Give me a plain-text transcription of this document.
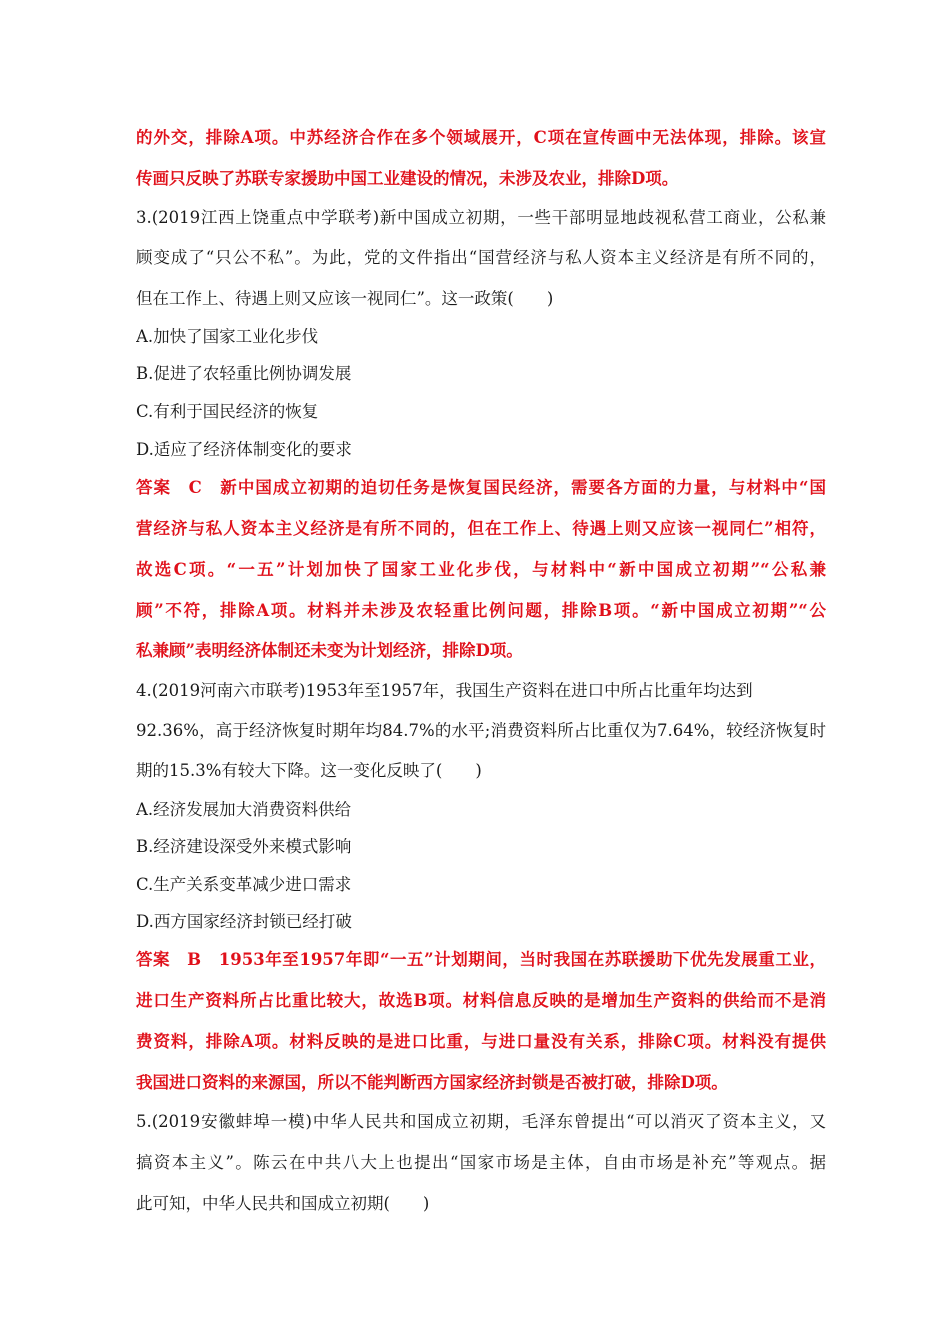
的外交，排除A项。中苏经济合作在多个领域展开，C项在宣传画中无法体现，排除。该宣
传画只反映了苏联专家援助中国工业建设的情况，未涉及农业，排除D项。
3.(2019江西上饶重点中学联考)新中国成立初期，一些干部明显地歧视私营工商业，公私兼
顾变成了“只公不私”。为此，党的文件指出“国营经济与私人资本主义经济是有所不同的，
但在工作上、待遇上则又应该一视同仁”。这一政策(　　)
A.加快了国家工业化步伐
B.促进了农轻重比例协调发展
C.有利于国民经济的恢复
D.适应了经济体制变化的要求
答案　C　新中国成立初期的迫切任务是恢复国民经济，需要各方面的力量，与材料中“国
营经济与私人资本主义经济是有所不同的，但在工作上、待遇上则又应该一视同仁”相符，
故选C项。“一五”计划加快了国家工业化步伐，与材料中“新中国成立初期”“公私兼
顾”不符，排除A项。材料并未涉及农轻重比例问题，排除B项。“新中国成立初期”“公
私兼顾”表明经济体制还未变为计划经济，排除D项。
4.(2019河南六市联考)1953年至1957年，我国生产资料在进口中所占比重年均达到
92.36%，高于经济恢复时期年均84.7%的水平;消费资料所占比重仅为7.64%，较经济恢复时
期的15.3%有较大下降。这一变化反映了(　　)
A.经济发展加大消费资料供给
B.经济建设深受外来模式影响
C.生产关系变革减少进口需求
D.西方国家经济封锁已经打破
答案　B　1953年至1957年即“一五”计划期间，当时我国在苏联援助下优先发展重工业，
进口生产资料所占比重比较大，故选B项。材料信息反映的是增加生产资料的供给而不是消
费资料，排除A项。材料反映的是进口比重，与进口量没有关系，排除C项。材料没有提供
我国进口资料的来源国，所以不能判断西方国家经济封锁是否被打破，排除D项。
5.(2019安徽蚌埠一模)中华人民共和国成立初期，毛泽东曾提出“可以消灭了资本主义，又
搞资本主义”。陈云在中共八大上也提出“国家市场是主体，自由市场是补充”等观点。据
此可知，中华人民共和国成立初期(　　)
